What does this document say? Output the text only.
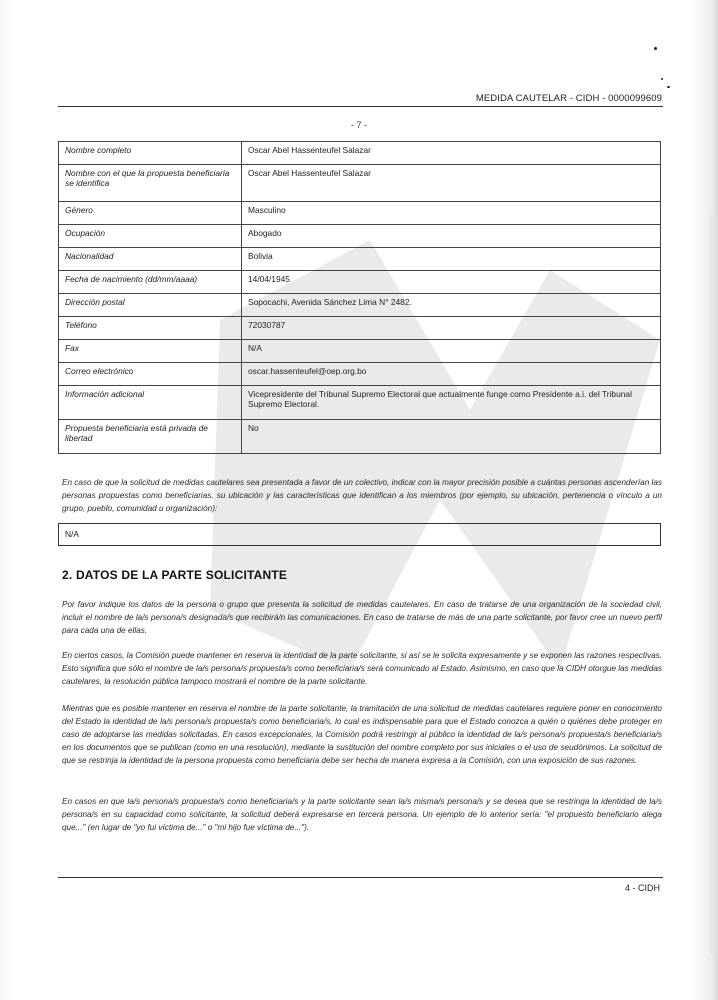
MEDIDA CAUTELAR - CIDH - 0000099609
- 7 -
Nombre completo	Oscar Abel Hassenteufel Salazar
Nombre con el que la propuesta beneficiaria se identifica	Oscar Abel Hassenteufel Salazar
Género	Masculino
Ocupación	Abogado
Nacionalidad	Bolivia
Fecha de nacimiento (dd/mm/aaaa)	14/04/1945
Dirección postal	Sopocachi, Avenida Sánchez Lima N° 2482.
Teléfono	72030787
Fax	N/A
Correo electrónico	oscar.hassenteufel@oep.org.bo
Información adicional	Vicepresidente del Tribunal Supremo Electoral que actualmente funge como Presidente a.i. del Tribunal Supremo Electoral.
Propuesta beneficiaria está privada de libertad	No
En caso de que la solicitud de medidas cautelares sea presentada a favor de un colectivo, indicar con la mayor precisión posible a cuántas personas ascenderían las personas propuestas como beneficiarias, su ubicación y las características que identifican a los miembros (por ejemplo, su ubicación, pertenencia o vínculo a un grupo, pueblo, comunidad u organización):
N/A
2. DATOS DE LA PARTE SOLICITANTE
Por favor indique los datos de la persona o grupo que presenta la solicitud de medidas cautelares. En caso de tratarse de una organización de la sociedad civil, incluir el nombre de la/s persona/s designada/s que recibirá/n las comunicaciones. En caso de tratarse de más de una parte solicitante, por favor cree un nuevo perfil para cada una de ellas.
En ciertos casos, la Comisión puede mantener en reserva la identidad de la parte solicitante, si así se le solicita expresamente y se exponen las razones respectivas. Esto significa que sólo el nombre de la/s persona/s propuesta/s como beneficiaria/s será comunicado al Estado. Asimismo, en caso que la CIDH otorgue las medidas cautelares, la resolución pública tampoco mostrará el nombre de la parte solicitante.
Mientras que es posible mantener en reserva el nombre de la parte solicitante, la tramitación de una solicitud de medidas cautelares requiere poner en conocimiento del Estado la identidad de la/s persona/s propuesta/s como beneficiaria/s, lo cual es indispensable para que el Estado conozca a quién o quiénes debe proteger en caso de adoptarse las medidas solicitadas. En casos excepcionales, la Comisión podrá restringir al público la identidad de la/s persona/s propuesta/s beneficiaria/s en los documentos que se publican (como en una resolución), mediante la sustitución del nombre completo por sus iniciales o el uso de seudónimos. La solicitud de que se restrinja la identidad de la persona propuesta como beneficiaria debe ser hecha de manera expresa a la Comisión, con una exposición de sus razones.
En casos en que la/s persona/s propuesta/s como beneficiaria/s y la parte solicitante sean la/s misma/s persona/s y se desea que se restringa la identidad de la/s persona/s en su capacidad como solicitante, la solicitud deberá expresarse en tercera persona. Un ejemplo de lo anterior sería: "el propuesto beneficiario alega que..." (en lugar de "yo fui víctima de..." o "mi hijo fue víctima de...").
4 - CIDH
